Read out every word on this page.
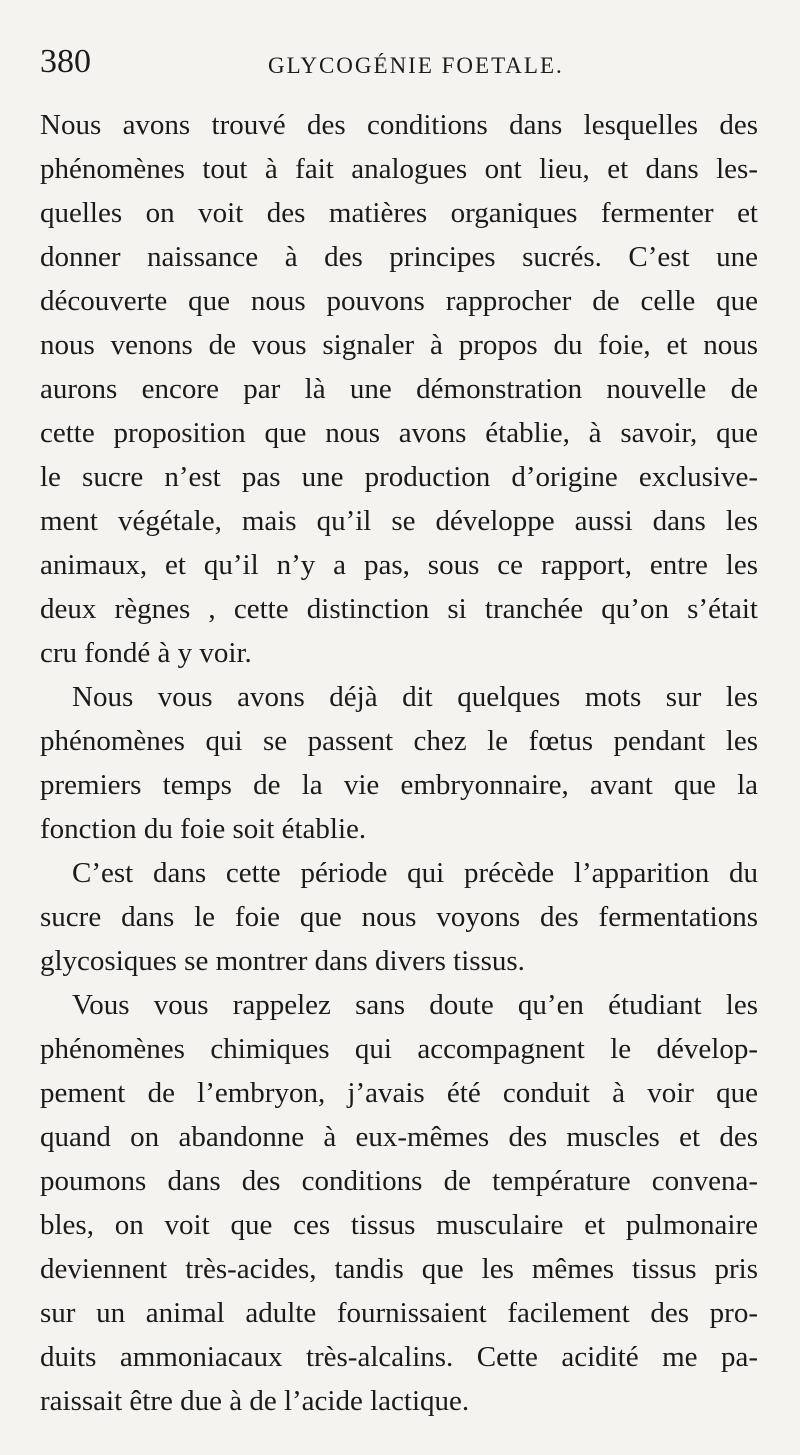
380	GLYCOGÉNIE FOETALE.
Nous avons trouvé des conditions dans lesquelles des
phénomènes tout à fait analogues ont lieu, et dans les-
quelles on voit des matières organiques fermenter et
donner naissance à des principes sucrés. C’est une
découverte que nous pouvons rapprocher de celle que
nous venons de vous signaler à propos du foie, et nous
aurons encore par là une démonstration nouvelle de
cette proposition que nous avons établie, à savoir, que
le sucre n’est pas une production d’origine exclusive-
ment végétale, mais qu’il se développe aussi dans les
animaux, et qu’il n’y a pas, sous ce rapport, entre les
deux règnes , cette distinction si tranchée qu’on s’était
cru fondé à y voir.
Nous vous avons déjà dit quelques mots sur les
phénomènes qui se passent chez le fœtus pendant les
premiers temps de la vie embryonnaire, avant que la
fonction du foie soit établie.
C’est dans cette période qui précède l’apparition du
sucre dans le foie que nous voyons des fermentations
glycosiques se montrer dans divers tissus.
Vous vous rappelez sans doute qu’en étudiant les
phénomènes chimiques qui accompagnent le dévelop-
pement de l’embryon, j’avais été conduit à voir que
quand on abandonne à eux-mêmes des muscles et des
poumons dans des conditions de température convena-
bles, on voit que ces tissus musculaire et pulmonaire
deviennent très-acides, tandis que les mêmes tissus pris
sur un animal adulte fournissaient facilement des pro-
duits ammoniacaux très-alcalins. Cette acidité me pa-
raissait être due à de l’acide lactique.
